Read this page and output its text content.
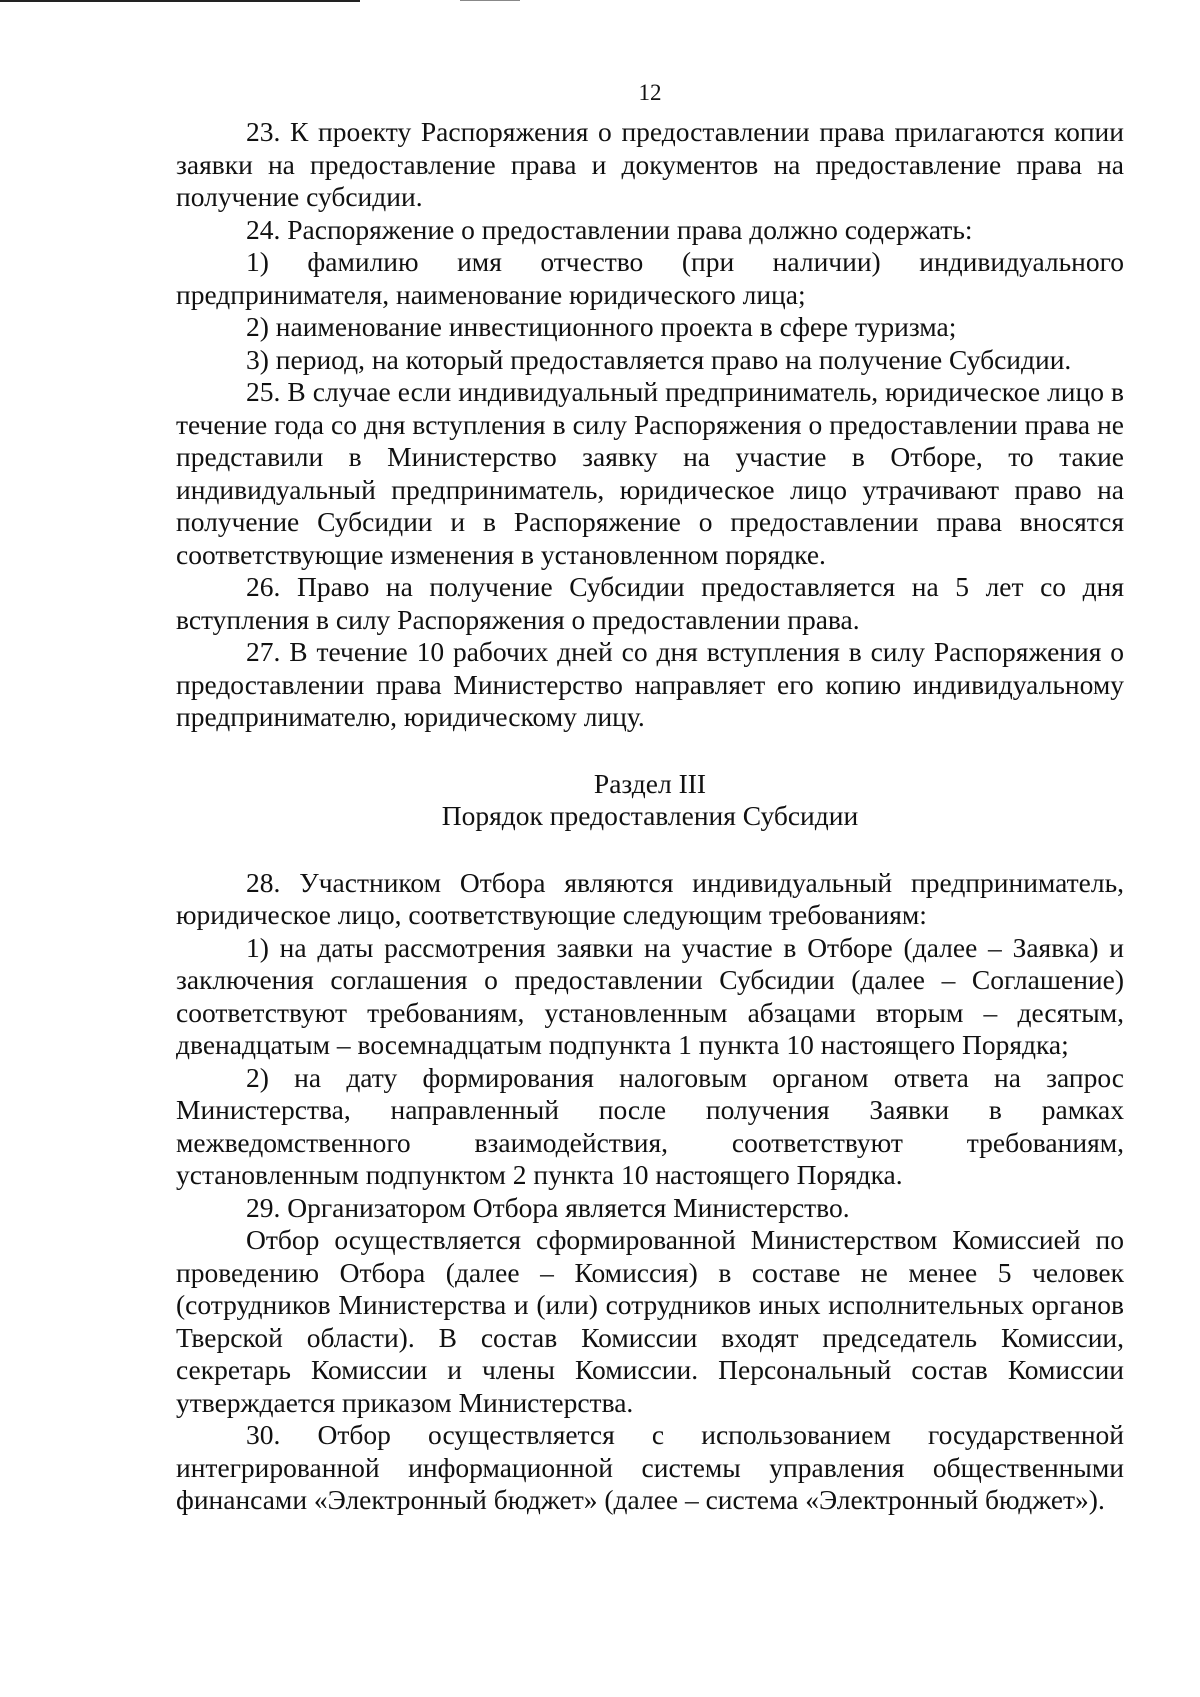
12

23. К проекту Распоряжения о предоставлении права прилагаются копии заявки на предоставление права и документов на предоставление права на получение субсидии.

24. Распоряжение о предоставлении права должно содержать:

1) фамилию имя отчество (при наличии) индивидуального предпринимателя, наименование юридического лица;

2) наименование инвестиционного проекта в сфере туризма;

3) период, на который предоставляется право на получение Субсидии.

25. В случае если индивидуальный предприниматель, юридическое лицо в течение года со дня вступления в силу Распоряжения о предоставлении права не представили в Министерство заявку на участие в Отборе, то такие индивидуальный предприниматель, юридическое лицо утрачивают право на получение Субсидии и в Распоряжение о предоставлении права вносятся соответствующие изменения в установленном порядке.

26. Право на получение Субсидии предоставляется на 5 лет со дня вступления в силу Распоряжения о предоставлении права.

27. В течение 10 рабочих дней со дня вступления в силу Распоряжения о предоставлении права Министерство направляет его копию индивидуальному предпринимателю, юридическому лицу.

Раздел III

Порядок предоставления Субсидии

28. Участником Отбора являются индивидуальный предприниматель, юридическое лицо, соответствующие следующим требованиям:

1) на даты рассмотрения заявки на участие в Отборе (далее – Заявка) и заключения соглашения о предоставлении Субсидии (далее – Соглашение) соответствуют требованиям, установленным абзацами вторым – десятым, двенадцатым – восемнадцатым подпункта 1 пункта 10 настоящего Порядка;

2) на дату формирования налоговым органом ответа на запрос Министерства, направленный после получения Заявки в рамках межведомственного взаимодействия, соответствуют требованиям, установленным подпунктом 2 пункта 10 настоящего Порядка.

29. Организатором Отбора является Министерство.

Отбор осуществляется сформированной Министерством Комиссией по проведению Отбора (далее – Комиссия) в составе не менее 5 человек (сотрудников Министерства и (или) сотрудников иных исполнительных органов Тверской области). В состав Комиссии входят председатель Комиссии, секретарь Комиссии и члены Комиссии. Персональный состав Комиссии утверждается приказом Министерства.

30. Отбор осуществляется с использованием государственной интегрированной информационной системы управления общественными финансами «Электронный бюджет» (далее – система «Электронный бюджет»).
